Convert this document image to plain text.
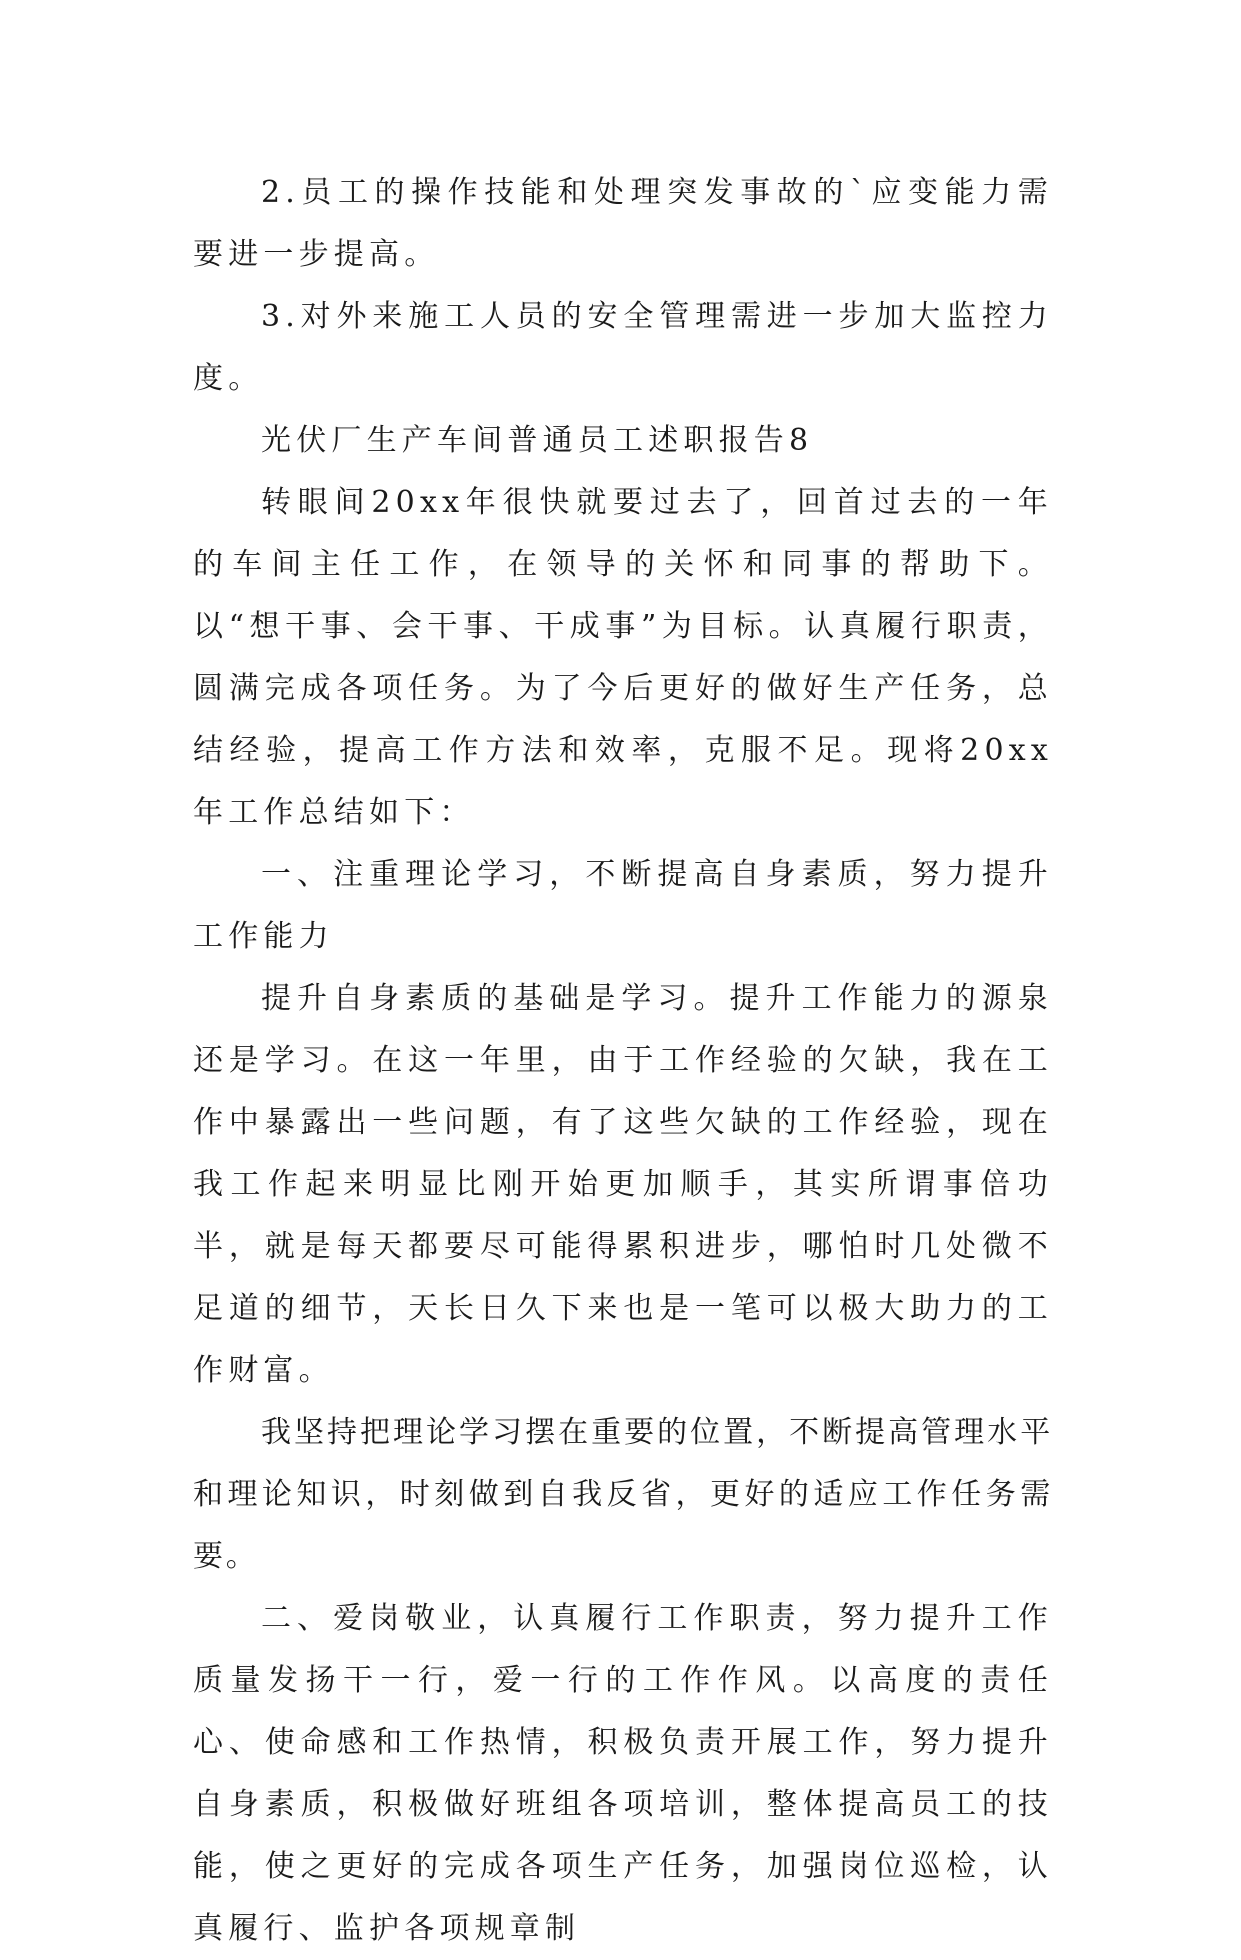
2.员工的操作技能和处理突发事故的`应变能力需要进一步提高。

3.对外来施工人员的安全管理需进一步加大监控力度。

光伏厂生产车间普通员工述职报告8

转眼间20xx年很快就要过去了，回首过去的一年的车间主任工作，在领导的关怀和同事的帮助下。以“想干事、会干事、干成事”为目标。认真履行职责，圆满完成各项任务。为了今后更好的做好生产任务，总结经验，提高工作方法和效率，克服不足。现将20xx年工作总结如下：

一、注重理论学习，不断提高自身素质，努力提升工作能力

提升自身素质的基础是学习。提升工作能力的源泉还是学习。在这一年里，由于工作经验的欠缺，我在工作中暴露出一些问题，有了这些欠缺的工作经验，现在我工作起来明显比刚开始更加顺手，其实所谓事倍功半，就是每天都要尽可能得累积进步，哪怕时几处微不足道的细节，天长日久下来也是一笔可以极大助力的工作财富。

我坚持把理论学习摆在重要的位置，不断提高管理水平和理论知识，时刻做到自我反省，更好的适应工作任务需要。

二、爱岗敬业，认真履行工作职责，努力提升工作质量发扬干一行，爱一行的工作作风。以高度的责任心、使命感和工作热情，积极负责开展工作，努力提升自身素质，积极做好班组各项培训，整体提高员工的技能，使之更好的完成各项生产任务，加强岗位巡检，认真履行、监护各项规章制
